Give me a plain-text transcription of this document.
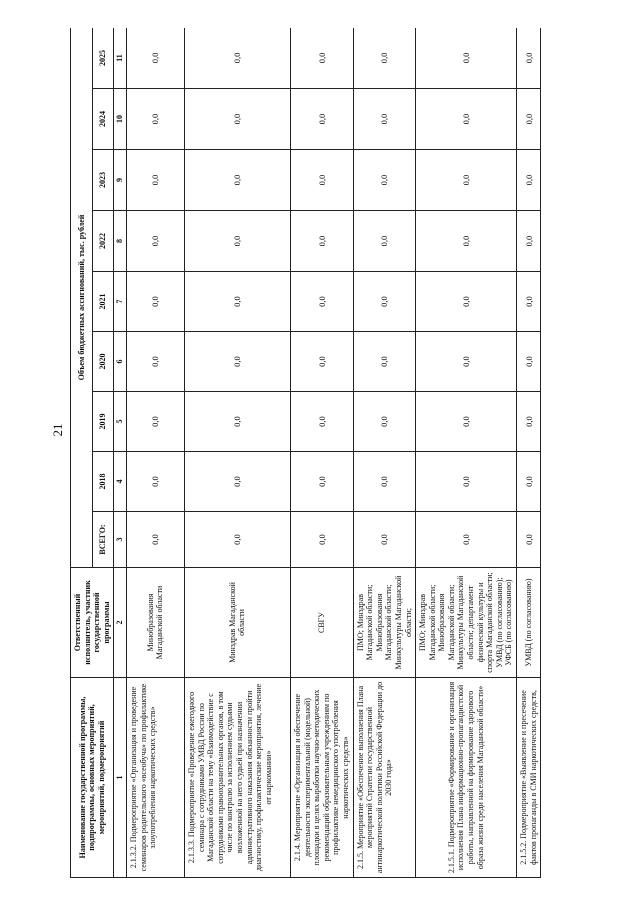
21
Наименование государственной программы, подпрограммы, основных мероприятий, мероприятий, подмероприятий	Ответственный исполнитель, участник государственной программы	Объем бюджетных ассигнований, тыс. рублей								
		ВСЕГО:	2018	2019	2020	2021	2022	2023	2024	2025
1	2	3	4	5	6	7	8	9	10	11
2.1.3.2. Подмероприятие «Организация и проведение семинаров родительского «всеобуча» по профилактике злоупотребления наркотических средств»	Минобразования Магаданской области	0,0	0,0	0,0	0,0	0,0	0,0	0,0	0,0	0,0
2.1.3.3. Подмероприятие «Проведение ежегодного семинара с сотрудниками УМВД России по Магаданской области на тему «Взаимодействие с сотрудниками правоохранительных органов, в том числе по контролю за исполнением судьями возложенной на него судьей при назначении административного наказания обязанности пройти диагностику, профилактические мероприятия, лечение от наркомании»	Минздрав Магаданской области	0,0	0,0	0,0	0,0	0,0	0,0	0,0	0,0	0,0
2.1.4. Мероприятие «Организация и обеспечение деятельности экспериментальной (модельной) площадки в целях выработки научно-методических рекомендаций образовательным учреждениям по профилактике немедицинского употребления наркотических средств»	СВГУ	0,0	0,0	0,0	0,0	0,0	0,0	0,0	0,0	0,0
2.1.5. Мероприятие «Обеспечение выполнения Плана мероприятий Стратегии государственной антинаркотической политики Российской Федерации до 2030 года»	ПМО; Минздрав Магаданской области; Минобразования Магаданской области; Минкультуры Магаданской области;	0,0	0,0	0,0	0,0	0,0	0,0	0,0	0,0	0,0
2.1.5.1. Подмероприятие «Формирование и организация исполнения Плана информационно-пропагандистской работы, направленной на формирование здорового образа жизни среди населения Магаданской области»	ПМО; Минздрав Магаданской области; Минобразования Магаданской области; Минкультуры Магаданской области; департамент физической культуры и спорта Магаданской области; УМВД (по согласованию); УФСБ (по согласованию)	0,0	0,0	0,0	0,0	0,0	0,0	0,0	0,0	0,0
2.1.5.2. Подмероприятие «Выявление и пресечение фактов пропаганды в СМИ наркотических средств,	УМВД (по согласованию)	0,0	0,0	0,0	0,0	0,0	0,0	0,0	0,0	0,0
